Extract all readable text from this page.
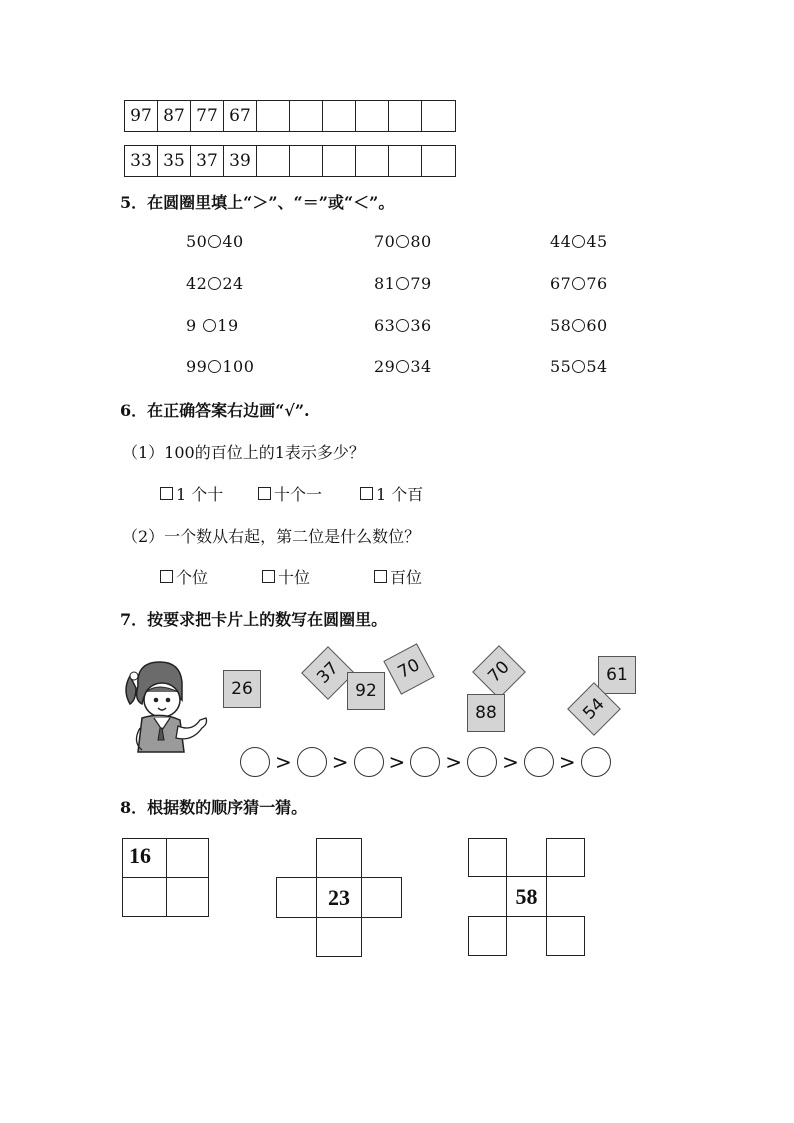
97 87 77 67
33 35 37 39
5．在圆圈里填上“＞”、“＝”或“＜”。
50 40	70 80	44 45
42 24	81 79	67 76
9 19	63 36	58 60
99 100	29 34	55 54
6．在正确答案右边画“√”.
（1）100的百位上的1表示多少？
1 个十	十个一	1 个百
（2）一个数从右起，第二位是什么数位？
个位	十位	百位
7．按要求把卡片上的数写在圆圈里。
26
37
92
70	70
88
61
54
> > > > > >
8．根据数的顺序猜一猜。
16
23	58
